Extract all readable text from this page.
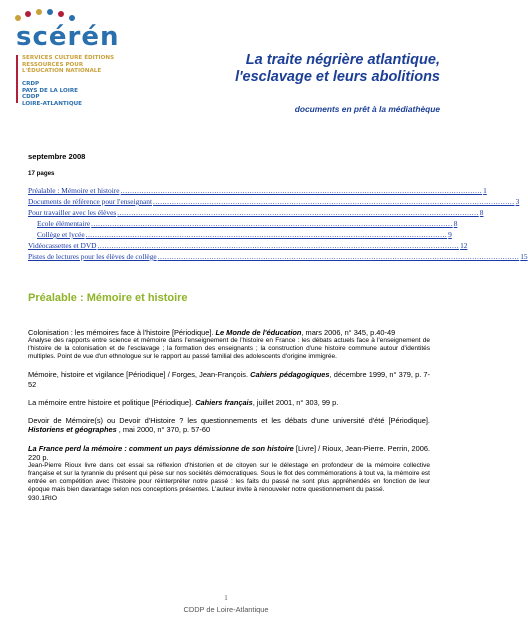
scérén
SERVICES CULTURE ÉDITIONS
RESSOURCES POUR
L'ÉDUCATION NATIONALE
CRDP
PAYS DE LA LOIRE
CDDP
LOIRE-ATLANTIQUE
La traite négrière atlantique,
l'esclavage et leurs abolitions
documents en prêt à la médiathèque
septembre 2008
17 pages
Préalable : Mémoire et histoire .......................................................................................................................................................... 1
Documents de référence pour l'enseignant .......................................................................................................................................................... 3
Pour travailler avec les élèves .......................................................................................................................................................... 8
Ecole élémentaire .......................................................................................................................................................... 8
Collège et lycée .......................................................................................................................................................... 9
Vidéocassettes et DVD .......................................................................................................................................................... 12
Pistes de lectures pour les élèves de collège .......................................................................................................................................................... 15
Préalable : Mémoire et histoire
Colonisation : les mémoires face à l'histoire [Périodique]. Le Monde de l'éducation, mars 2006, n° 345, p.40-49
Analyse des rapports entre science et mémoire dans l'enseignement de l'histoire en France : les débats actuels face à l'enseignement de l'histoire de la colonisation et de l'esclavage ; la formation des enseignants ; la construction d'une histoire commune autour d'identités multiples. Point de vue d'un ethnologue sur le rapport au passé familial des adolescents d'origine immigrée.
Mémoire, histoire et vigilance [Périodique] / Forges, Jean-François. Cahiers pédagogiques, décembre 1999, n° 379, p. 7-52
La mémoire entre histoire et politique [Périodique]. Cahiers français, juillet 2001, n° 303, 99 p.
Devoir de Mémoire(s) ou Devoir d'Histoire ? les questionnements et les débats d'une université d'été [Périodique]. Historiens et géographes , mai 2000, n° 370, p. 57-60
La France perd la mémoire : comment un pays démissionne de son histoire [Livre] / Rioux, Jean-Pierre. Perrin, 2006. 220 p.
Jean-Pierre Rioux livre dans cet essai sa réflexion d'historien et de citoyen sur le délestage en profondeur de la mémoire collective française et sur la tyrannie du présent qui pèse sur nos sociétés démocratiques. Sous le flot des commémorations à tout va, la mémoire est entrée en compétition avec l'histoire pour réinterpréter notre passé : les faits du passé ne sont plus appréhendés en fonction de leur époque mais bien davantage selon nos conceptions présentes. L'auteur invite à renouveler notre questionnement du passé.
930.1RIO
1
CDDP de Loire-Atlantique
